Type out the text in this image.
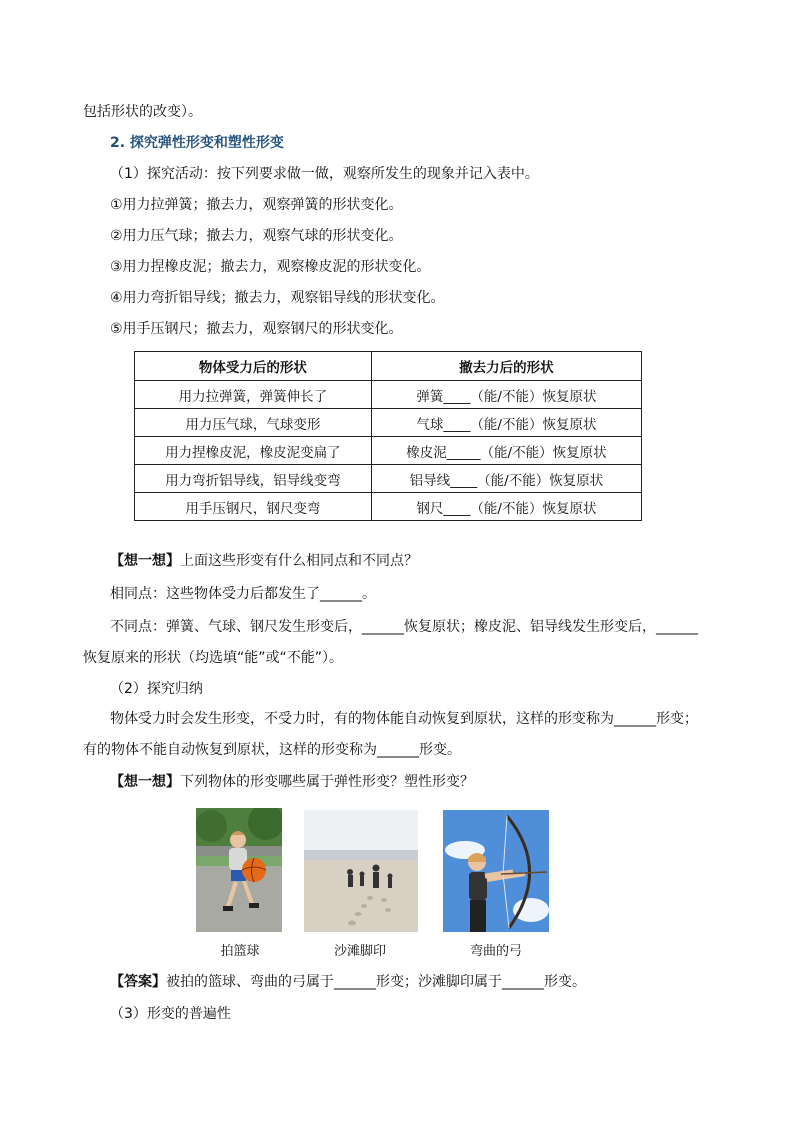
包括形状的改变）。
2. 探究弹性形变和塑性形变
（1）探究活动：按下列要求做一做，观察所发生的现象并记入表中。
①用力拉弹簧；撤去力，观察弹簧的形状变化。
②用力压气球；撤去力，观察气球的形状变化。
③用力捏橡皮泥；撤去力，观察橡皮泥的形状变化。
④用力弯折铝导线；撤去力，观察铝导线的形状变化。
⑤用手压钢尺；撤去力，观察钢尺的形状变化。
物体受力后的形状	撤去力后的形状
用力拉弹簧，弹簧伸长了	弹簧____（能/不能）恢复原状
用力压气球，气球变形	气球____（能/不能）恢复原状
用力捏橡皮泥，橡皮泥变扁了	橡皮泥_____（能/不能）恢复原状
用力弯折铝导线，铝导线变弯	铝导线____（能/不能）恢复原状
用手压钢尺，钢尺变弯	钢尺____（能/不能）恢复原状
【想一想】上面这些形变有什么相同点和不同点？
相同点：这些物体受力后都发生了______。
不同点：弹簧、气球、钢尺发生形变后，______恢复原状；橡皮泥、铝导线发生形变后，______
恢复原来的形状（均选填“能”或“不能”）。
（2）探究归纳
物体受力时会发生形变，不受力时，有的物体能自动恢复到原状，这样的形变称为______形变；
有的物体不能自动恢复到原状，这样的形变称为______形变。
【想一想】下列物体的形变哪些属于弹性形变？塑性形变？
拍篮球	沙滩脚印	弯曲的弓
【答案】被拍的篮球、弯曲的弓属于______形变；沙滩脚印属于______形变。
（3）形变的普遍性
